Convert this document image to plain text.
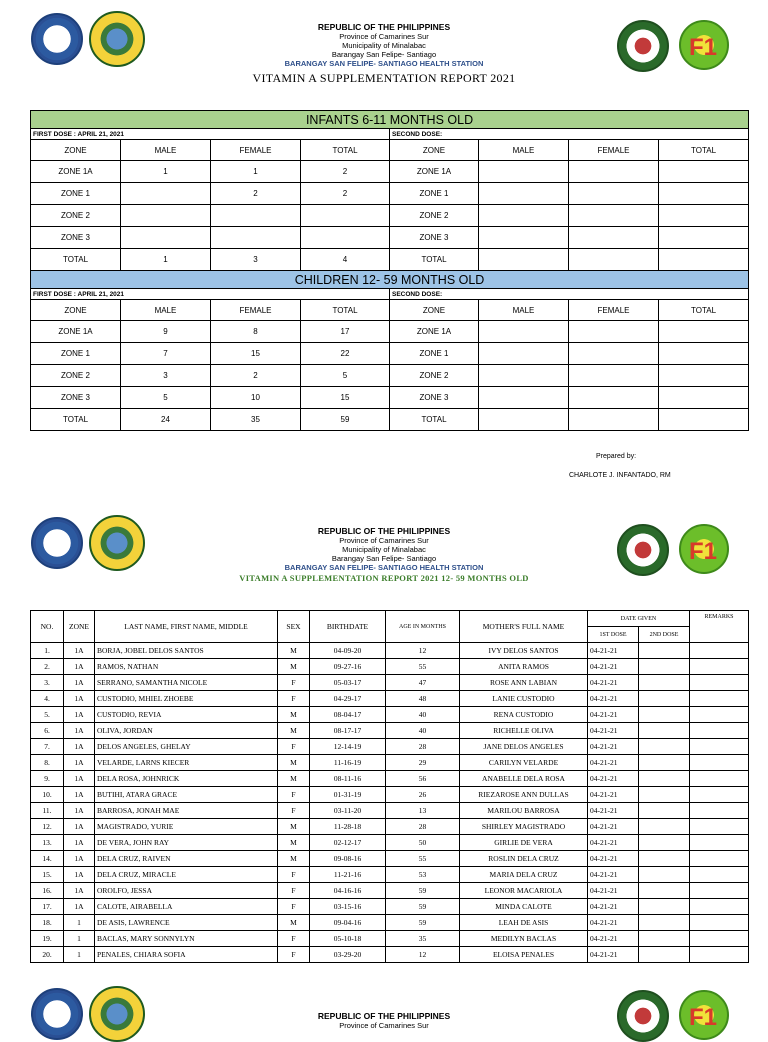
F1
REPUBLIC OF THE PHILIPPINES
Province of Camarines Sur
Municipality of Minalabac
Barangay San Felipe- Santiago
BARANGAY SAN FELIPE- SANTIAGO HEALTH STATION
VITAMIN A SUPPLEMENTATION REPORT 2021
INFANTS 6-11 MONTHS OLD							
FIRST DOSE : APRIL 21, 2021				SECOND DOSE:			
ZONE	MALE	FEMALE	TOTAL	ZONE	MALE	FEMALE	TOTAL
ZONE 1A	1	1	2	ZONE 1A			
ZONE 1		2	2	ZONE 1			
ZONE 2				ZONE 2			
ZONE 3				ZONE 3			
TOTAL	1	3	4	TOTAL			
CHILDREN 12- 59 MONTHS OLD							
FIRST DOSE : APRIL 21, 2021				SECOND DOSE:			
ZONE	MALE	FEMALE	TOTAL	ZONE	MALE	FEMALE	TOTAL
ZONE 1A	9	8	17	ZONE 1A			
ZONE 1	7	15	22	ZONE 1			
ZONE 2	3	2	5	ZONE 2			
ZONE 3	5	10	15	ZONE 3			
TOTAL	24	35	59	TOTAL			
Prepared by:
CHARLOTE J. INFANTADO, RM
F1
REPUBLIC OF THE PHILIPPINES
Province of Camarines Sur
Municipality of Minalabac
Barangay San Felipe- Santiago
BARANGAY SAN FELIPE- SANTIAGO HEALTH STATION
VITAMIN A SUPPLEMENTATION REPORT 2021 12- 59 MONTHS OLD
NO.	ZONE	LAST NAME, FIRST NAME, MIDDLE	SEX	BIRTHDATE	AGE IN MONTHS	MOTHER'S FULL NAME	DATE GIVEN		REMARKS
							1ST DOSE	2ND DOSE	
1.	1A	BORJA, JOBEL DELOS SANTOS	M	04-09-20	12	IVY DELOS SANTOS	04-21-21		
2.	1A	RAMOS, NATHAN	M	09-27-16	55	ANITA RAMOS	04-21-21		
3.	1A	SERRANO, SAMANTHA NICOLE	F	05-03-17	47	ROSE ANN LABIAN	04-21-21		
4.	1A	CUSTODIO, MHIEL ZHOEBE	F	04-29-17	48	LANIE CUSTODIO	04-21-21		
5.	1A	CUSTODIO, REVIA	M	08-04-17	40	RENA CUSTODIO	04-21-21		
6.	1A	OLIVA, JORDAN	M	08-17-17	40	RICHELLE OLIVA	04-21-21		
7.	1A	DELOS ANGELES, GHELAY	F	12-14-19	28	JANE DELOS ANGELES	04-21-21		
8.	1A	VELARDE, LARNS KIECER	M	11-16-19	29	CARILYN VELARDE	04-21-21		
9.	1A	DELA ROSA, JOHNRICK	M	08-11-16	56	ANABELLE DELA ROSA	04-21-21		
10.	1A	BUTIHI, ATARA GRACE	F	01-31-19	26	RIEZAROSE ANN DULLAS	04-21-21		
11.	1A	BARROSA, JONAH MAE	F	03-11-20	13	MARILOU BARROSA	04-21-21		
12.	1A	MAGISTRADO, YURIE	M	11-28-18	28	SHIRLEY MAGISTRADO	04-21-21		
13.	1A	DE VERA, JOHN RAY	M	02-12-17	50	GIRLIE DE VERA	04-21-21		
14.	1A	DELA CRUZ, RAIVEN	M	09-08-16	55	ROSLIN DELA CRUZ	04-21-21		
15.	1A	DELA CRUZ, MIRACLE	F	11-21-16	53	MARIA DELA CRUZ	04-21-21		
16.	1A	OROLFO, JESSA	F	04-16-16	59	LEONOR MACARIOLA	04-21-21		
17.	1A	CALOTE, AIRABELLA	F	03-15-16	59	MINDA CALOTE	04-21-21		
18.	1	DE ASIS, LAWRENCE	M	09-04-16	59	LEAH DE ASIS	04-21-21		
19.	1	BACLAS, MARY SONNYLYN	F	05-10-18	35	MEDILYN BACLAS	04-21-21		
20.	1	PENALES, CHIARA SOFIA	F	03-29-20	12	ELOISA PENALES	04-21-21		
F1
REPUBLIC OF THE PHILIPPINES
Province of Camarines Sur
